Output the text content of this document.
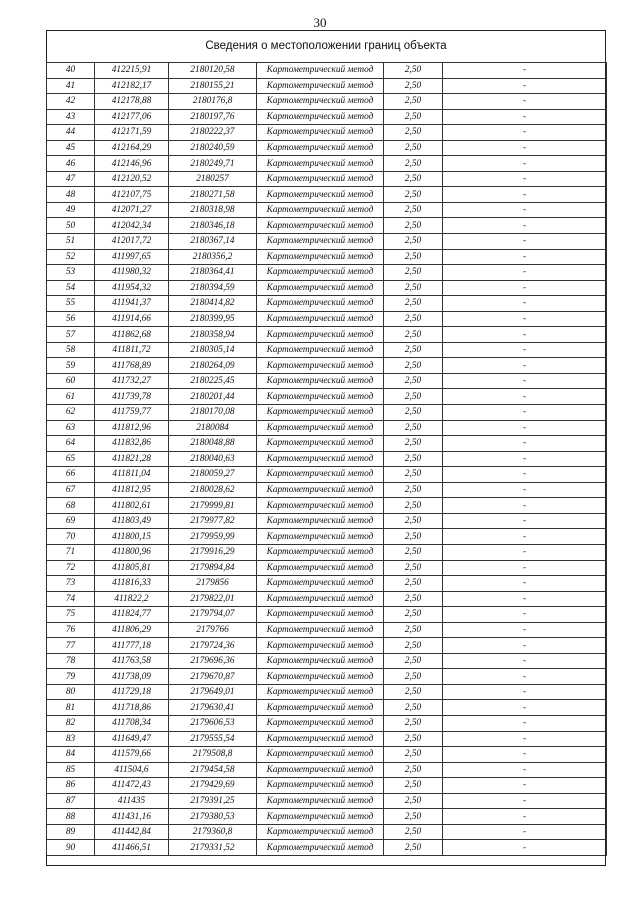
30
Сведения о местоположении границ объекта
40	412215,91	2180120,58	Картометрический метод	2,50	-
41	412182,17	2180155,21	Картометрический метод	2,50	-
42	412178,88	2180176,8	Картометрический метод	2,50	-
43	412177,06	2180197,76	Картометрический метод	2,50	-
44	412171,59	2180222,37	Картометрический метод	2,50	-
45	412164,29	2180240,59	Картометрический метод	2,50	-
46	412146,96	2180249,71	Картометрический метод	2,50	-
47	412120,52	2180257	Картометрический метод	2,50	-
48	412107,75	2180271,58	Картометрический метод	2,50	-
49	412071,27	2180318,98	Картометрический метод	2,50	-
50	412042,34	2180346,18	Картометрический метод	2,50	-
51	412017,72	2180367,14	Картометрический метод	2,50	-
52	411997,65	2180356,2	Картометрический метод	2,50	-
53	411980,32	2180364,41	Картометрический метод	2,50	-
54	411954,32	2180394,59	Картометрический метод	2,50	-
55	411941,37	2180414,82	Картометрический метод	2,50	-
56	411914,66	2180399,95	Картометрический метод	2,50	-
57	411862,68	2180358,94	Картометрический метод	2,50	-
58	411811,72	2180305,14	Картометрический метод	2,50	-
59	411768,89	2180264,09	Картометрический метод	2,50	-
60	411732,27	2180225,45	Картометрический метод	2,50	-
61	411739,78	2180201,44	Картометрический метод	2,50	-
62	411759,77	2180170,08	Картометрический метод	2,50	-
63	411812,96	2180084	Картометрический метод	2,50	-
64	411832,86	2180048,88	Картометрический метод	2,50	-
65	411821,28	2180040,63	Картометрический метод	2,50	-
66	411811,04	2180059,27	Картометрический метод	2,50	-
67	411812,95	2180028,62	Картометрический метод	2,50	-
68	411802,61	2179999,81	Картометрический метод	2,50	-
69	411803,49	2179977,82	Картометрический метод	2,50	-
70	411800,15	2179959,99	Картометрический метод	2,50	-
71	411800,96	2179916,29	Картометрический метод	2,50	-
72	411805,81	2179894,84	Картометрический метод	2,50	-
73	411816,33	2179856	Картометрический метод	2,50	-
74	411822,2	2179822,01	Картометрический метод	2,50	-
75	411824,77	2179794,07	Картометрический метод	2,50	-
76	411806,29	2179766	Картометрический метод	2,50	-
77	411777,18	2179724,36	Картометрический метод	2,50	-
78	411763,58	2179696,36	Картометрический метод	2,50	-
79	411738,09	2179670,87	Картометрический метод	2,50	-
80	411729,18	2179649,01	Картометрический метод	2,50	-
81	411718,86	2179630,41	Картометрический метод	2,50	-
82	411708,34	2179606,53	Картометрический метод	2,50	-
83	411649,47	2179555,54	Картометрический метод	2,50	-
84	411579,66	2179508,8	Картометрический метод	2,50	-
85	411504,6	2179454,58	Картометрический метод	2,50	-
86	411472,43	2179429,69	Картометрический метод	2,50	-
87	411435	2179391,25	Картометрический метод	2,50	-
88	411431,16	2179380,53	Картометрический метод	2,50	-
89	411442,84	2179360,8	Картометрический метод	2,50	-
90	411466,51	2179331,52	Картометрический метод	2,50	-
